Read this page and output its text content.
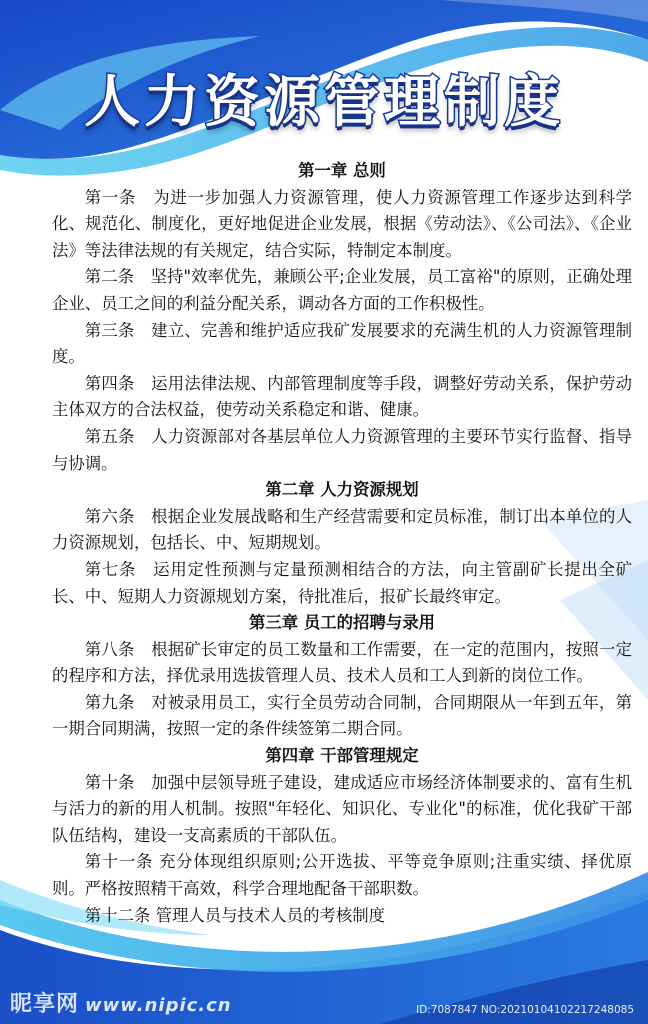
人力资源管理制度
第一章 总则

第一条　为进一步加强人力资源管理，使人力资源管理工作逐步达到科学化、规范化、制度化，更好地促进企业发展，根据《劳动法》、《公司法》、《企业法》等法律法规的有关规定，结合实际，特制定本制度。

第二条　坚持"效率优先，兼顾公平;企业发展，员工富裕"的原则，正确处理企业、员工之间的利益分配关系，调动各方面的工作积极性。

第三条　建立、完善和维护适应我矿发展要求的充满生机的人力资源管理制度。

第四条　运用法律法规、内部管理制度等手段，调整好劳动关系，保护劳动主体双方的合法权益，使劳动关系稳定和谐、健康。

第五条　人力资源部对各基层单位人力资源管理的主要环节实行监督、指导与协调。

第二章 人力资源规划

第六条　根据企业发展战略和生产经营需要和定员标准，制订出本单位的人力资源规划，包括长、中、短期规划。

第七条　运用定性预测与定量预测相结合的方法，向主管副矿长提出全矿长、中、短期人力资源规划方案，待批准后，报矿长最终审定。

第三章 员工的招聘与录用

第八条　根据矿长审定的员工数量和工作需要，在一定的范围内，按照一定的程序和方法，择优录用选拔管理人员、技术人员和工人到新的岗位工作。

第九条　对被录用员工，实行全员劳动合同制，合同期限从一年到五年，第一期合同期满，按照一定的条件续签第二期合同。

第四章 干部管理规定

第十条　加强中层领导班子建设，建成适应市场经济体制要求的、富有生机与活力的新的用人机制。按照"年轻化、知识化、专业化"的标准，优化我矿干部队伍结构，建设一支高素质的干部队伍。

第十一条 充分体现组织原则;公开选拔、平等竞争原则;注重实绩、择优原则。严格按照精干高效，科学合理地配备干部职数。

第十二条 管理人员与技术人员的考核制度

昵享网 www.nipic.cn	ID:7087847 NO:20210104102217248085
